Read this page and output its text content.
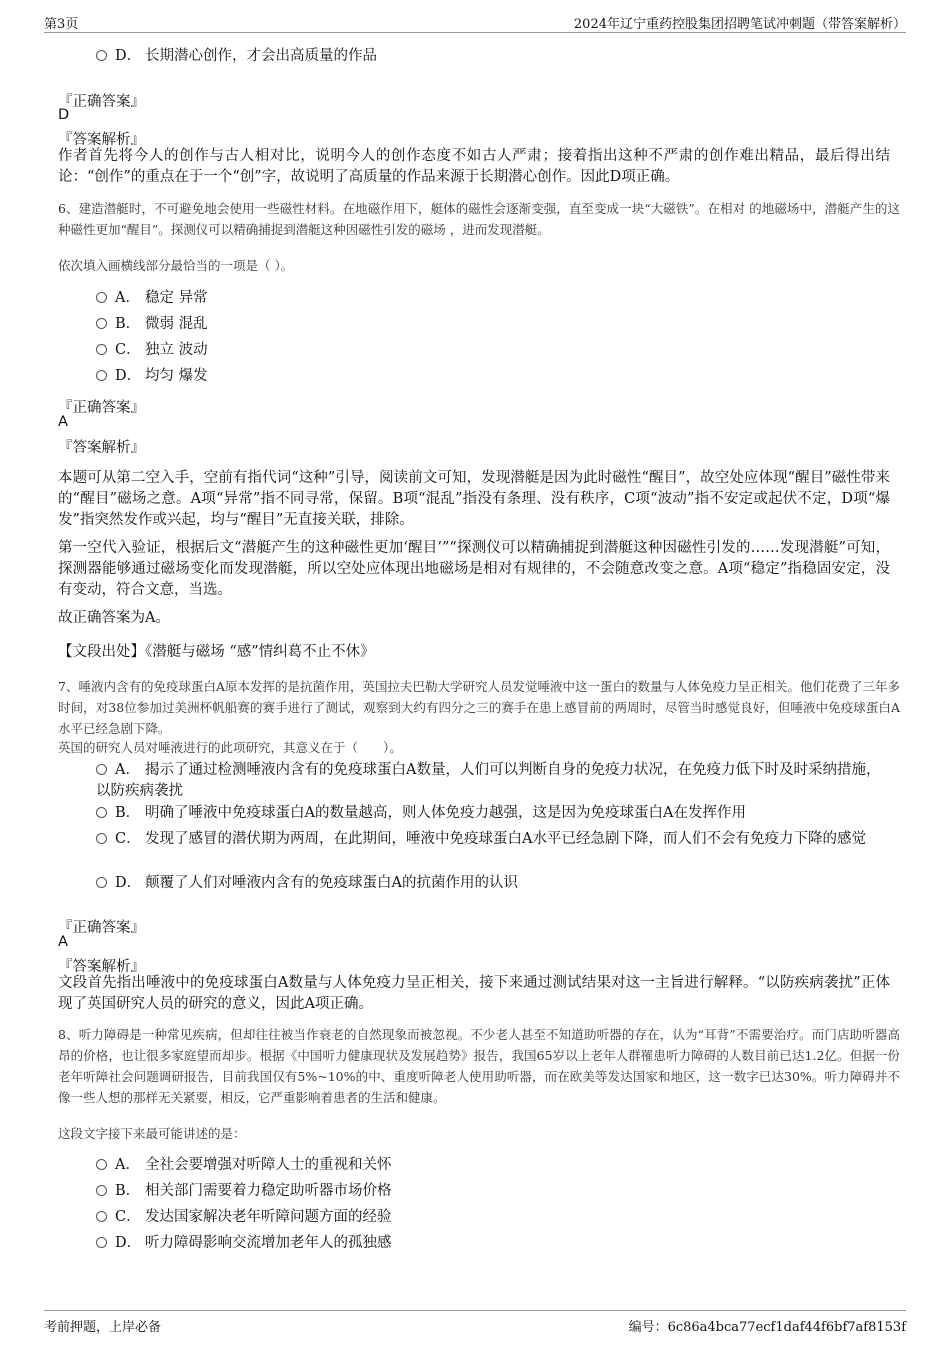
第3页	2024年辽宁重药控股集团招聘笔试冲刺题（带答案解析）
D． 长期潜心创作，才会出高质量的作品
『正确答案』
D
『答案解析』
作者首先将今人的创作与古人相对比，说明今人的创作态度不如古人严肃；接着指出这种不严肃的创作难出精品，最后得出结论：“创作”的重点在于一个“创”字，故说明了高质量的作品来源于长期潜心创作。因此D项正确。
6、建造潜艇时，不可避免地会使用一些磁性材料。在地磁作用下，艇体的磁性会逐渐变强，直至变成一块“大磁铁”。在相对 的地磁场中，潜艇产生的这种磁性更加“醒目”。探测仪可以精确捕捉到潜艇这种因磁性引发的磁场 ，进而发现潜艇。
依次填入画横线部分最恰当的一项是（ ）。
A． 稳定 异常
B． 微弱 混乱
C． 独立 波动
D． 均匀 爆发
『正确答案』
A
『答案解析』
本题可从第二空入手，空前有指代词“这种”引导，阅读前文可知，发现潜艇是因为此时磁性“醒目”，故空处应体现“醒目”磁性带来的“醒目”磁场之意。A项“异常”指不同寻常，保留。B项“混乱”指没有条理、没有秩序，C项“波动”指不安定或起伏不定，D项“爆发”指突然发作或兴起，均与“醒目”无直接关联，排除。
第一空代入验证，根据后文“潜艇产生的这种磁性更加‘醒目’”“探测仪可以精确捕捉到潜艇这种因磁性引发的……发现潜艇”可知，探测器能够通过磁场变化而发现潜艇，所以空处应体现出地磁场是相对有规律的，不会随意改变之意。A项“稳定”指稳固安定，没有变动，符合文意，当选。
故正确答案为A。
【文段出处】《潜艇与磁场 “感”情纠葛不止不休》
7、唾液内含有的免疫球蛋白A原本发挥的是抗菌作用，英国拉夫巴勒大学研究人员发觉唾液中这一蛋白的数量与人体免疫力呈正相关。他们花费了三年多时间，对38位参加过美洲杯帆船赛的赛手进行了测试，观察到大约有四分之三的赛手在患上感冒前的两周时，尽管当时感觉良好，但唾液中免疫球蛋白A水平已经急剧下降。
英国的研究人员对唾液进行的此项研究，其意义在于（　　）。
A． 揭示了通过检测唾液内含有的免疫球蛋白A数量，人们可以判断自身的免疫力状况，在免疫力低下时及时采纳措施，以防疾病袭扰
B． 明确了唾液中免疫球蛋白A的数量越高，则人体免疫力越强，这是因为免疫球蛋白A在发挥作用
C． 发现了感冒的潜伏期为两周，在此期间，唾液中免疫球蛋白A水平已经急剧下降，而人们不会有免疫力下降的感觉
D． 颠覆了人们对唾液内含有的免疫球蛋白A的抗菌作用的认识
『正确答案』
A
『答案解析』
文段首先指出唾液中的免疫球蛋白A数量与人体免疫力呈正相关，接下来通过测试结果对这一主旨进行解释。“以防疾病袭扰”正体现了英国研究人员的研究的意义，因此A项正确。
8、听力障碍是一种常见疾病，但却往往被当作衰老的自然现象而被忽视。不少老人甚至不知道助听器的存在，认为“耳背”不需要治疗。而门店助听器高昂的价格，也让很多家庭望而却步。根据《中国听力健康现状及发展趋势》报告，我国65岁以上老年人群罹患听力障碍的人数目前已达1.2亿。但据一份老年听障社会问题调研报告，目前我国仅有5%~10%的中、重度听障老人使用助听器，而在欧美等发达国家和地区，这一数字已达30%。听力障碍并不像一些人想的那样无关紧要，相反，它严重影响着患者的生活和健康。
这段文字接下来最可能讲述的是：
A． 全社会要增强对听障人士的重视和关怀
B． 相关部门需要着力稳定助听器市场价格
C． 发达国家解决老年听障问题方面的经验
D． 听力障碍影响交流增加老年人的孤独感
考前押题，上岸必备	编号：6c86a4bca77ecf1daf44f6bf7af8153f
